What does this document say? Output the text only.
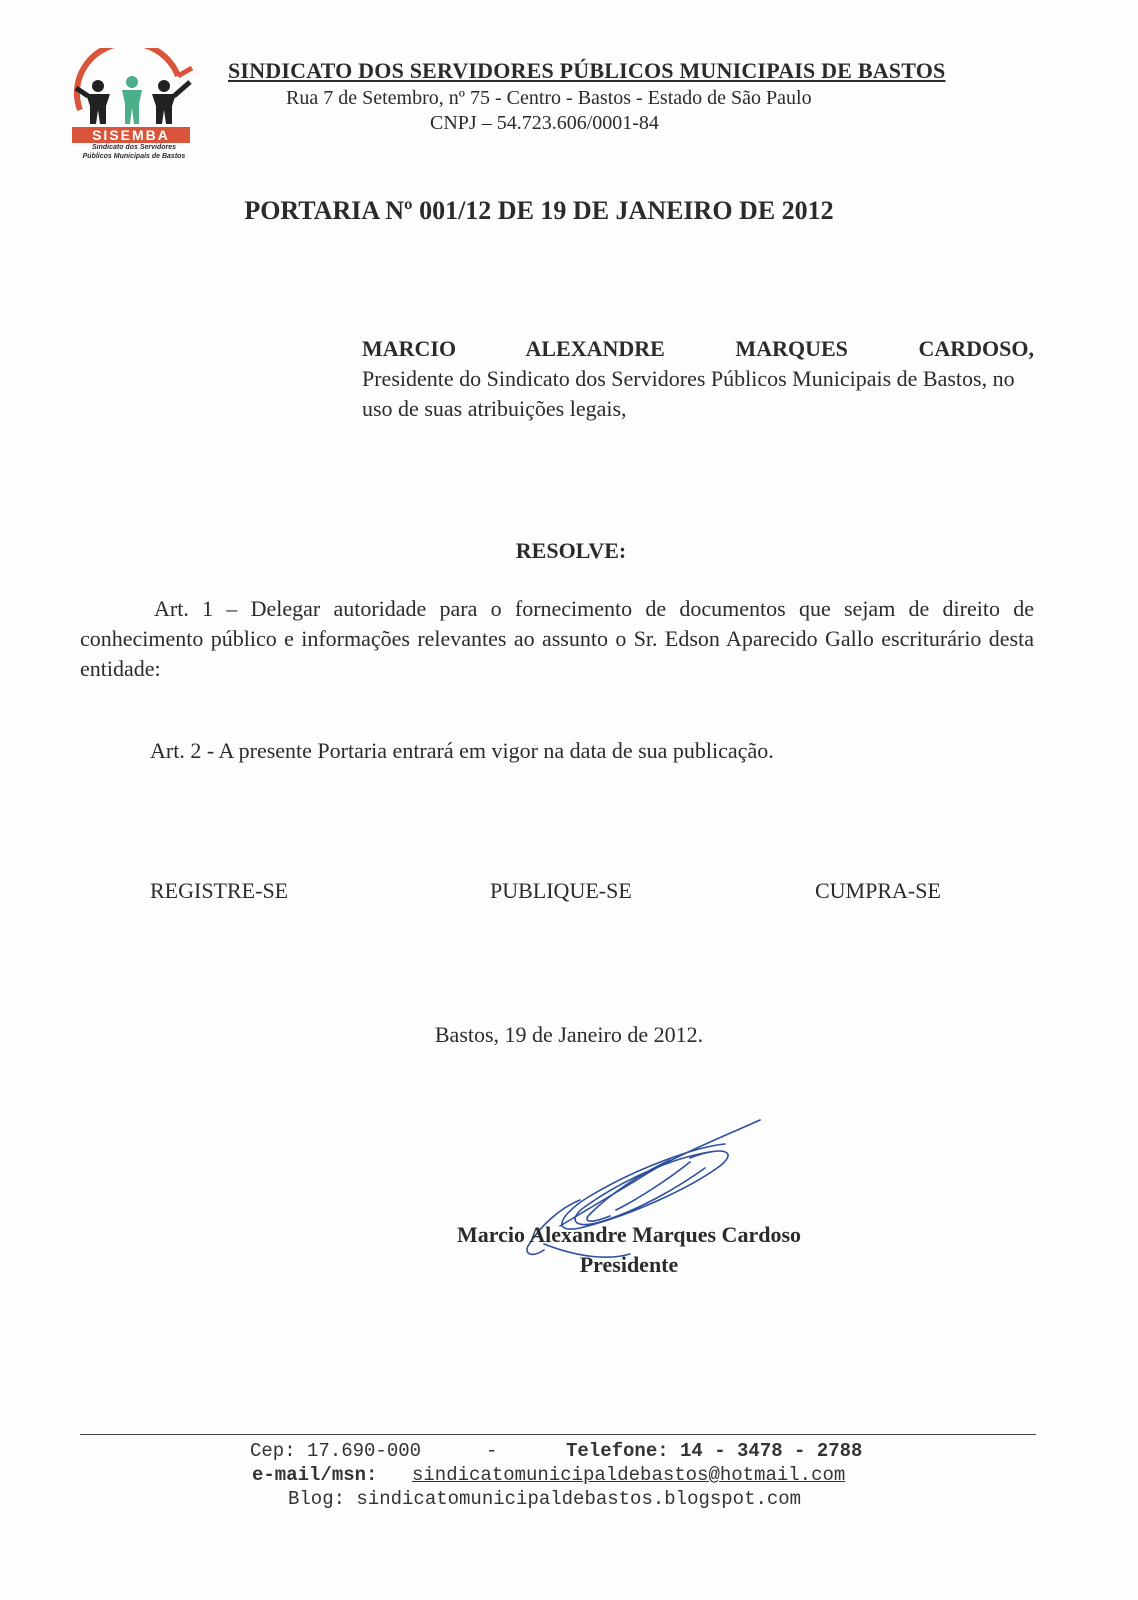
SISEMBA
Sindicato dos Servidores
Públicos Municipais de Bastos
SINDICATO DOS SERVIDORES PÚBLICOS MUNICIPAIS DE BASTOS
Rua 7 de Setembro, nº 75 - Centro - Bastos - Estado de São Paulo
CNPJ – 54.723.606/0001-84
PORTARIA Nº 001/12 DE 19 DE JANEIRO DE 2012
MARCIO ALEXANDRE MARQUES CARDOSO,
Presidente do Sindicato dos Servidores Públicos Municipais de Bastos, no uso de suas atribuições legais,
RESOLVE:
Art. 1 – Delegar autoridade para o fornecimento de documentos que sejam de direito de conhecimento público e informações relevantes ao assunto o Sr. Edson Aparecido Gallo escriturário desta entidade:
Art. 2 - A presente Portaria entrará em vigor na data de sua publicação.
REGISTRE-SE	PUBLIQUE-SE	CUMPRA-SE
Bastos, 19 de Janeiro de 2012.
Marcio Alexandre Marques Cardoso
Presidente
Cep: 17.690-000	-	Telefone: 14 - 3478 - 2788
e-mail/msn: sindicatomunicipaldebastos@hotmail.com
Blog: sindicatomunicipaldebastos.blogspot.com
